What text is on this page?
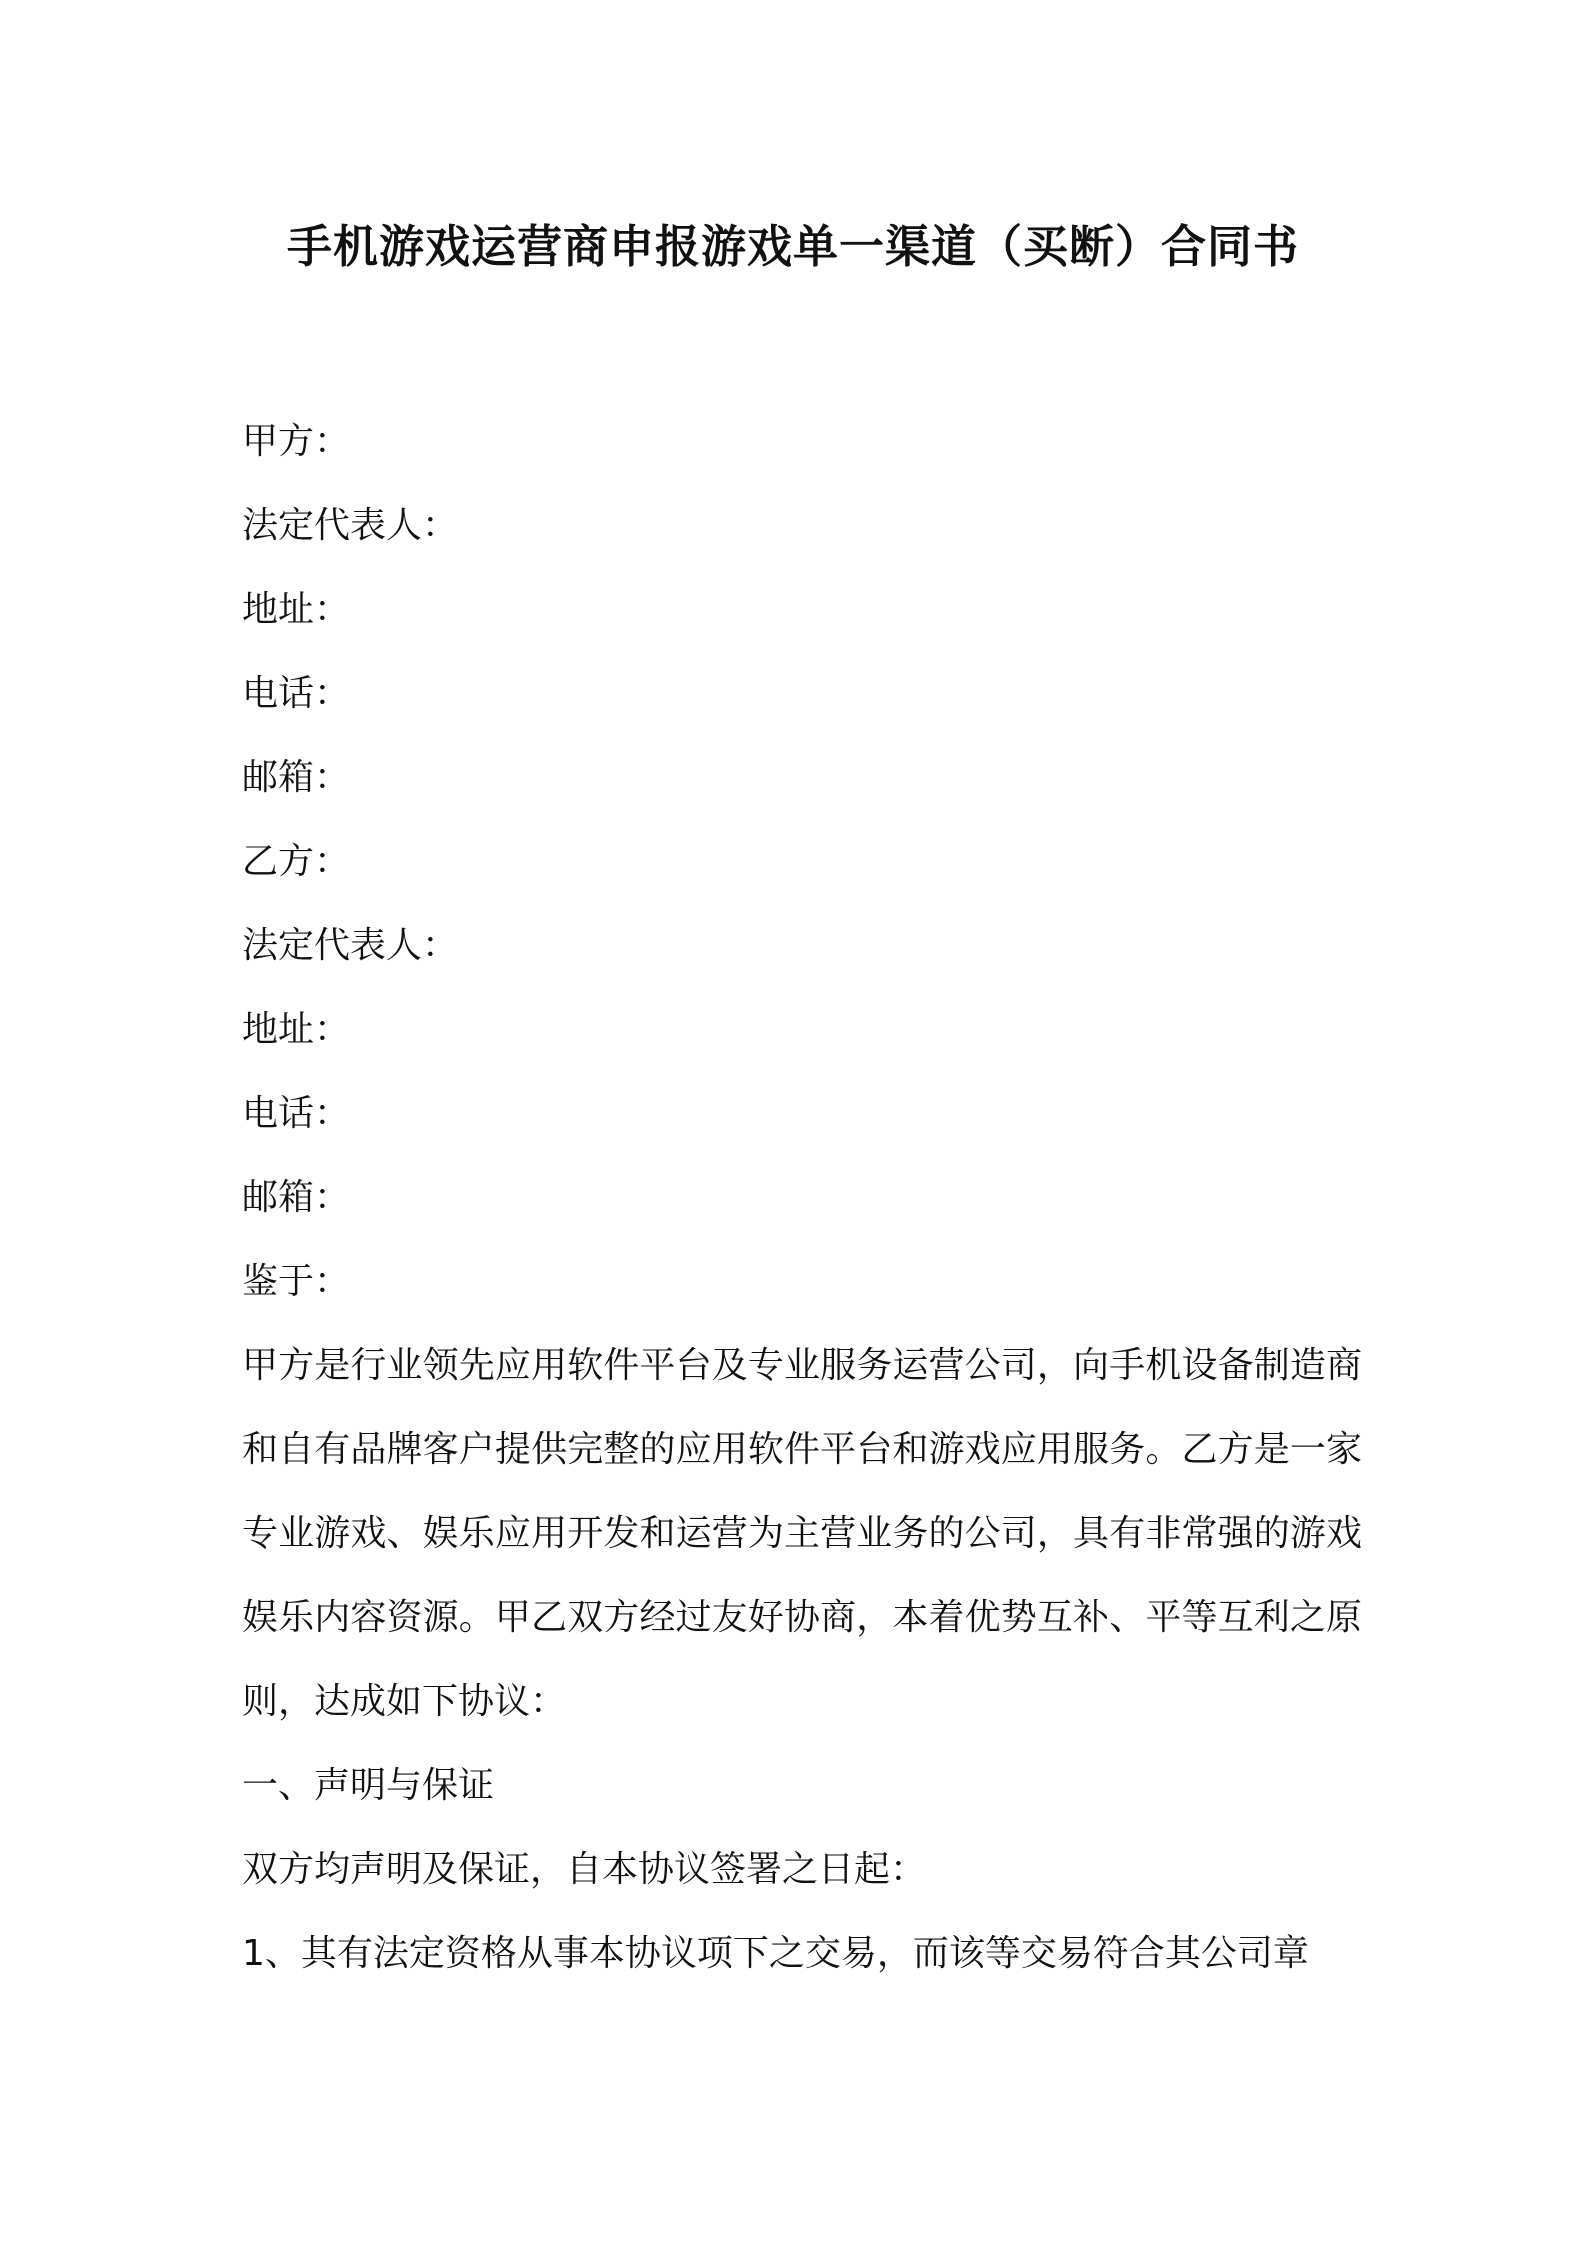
手机游戏运营商申报游戏单一渠道（买断）合同书

甲方：

法定代表人：

地址：

电话：

邮箱：

乙方：

法定代表人：

地址：

电话：

邮箱：

鉴于：

甲方是行业领先应用软件平台及专业服务运营公司，向手机设备制造商和自有品牌客户提供完整的应用软件平台和游戏应用服务。乙方是一家专业游戏、娱乐应用开发和运营为主营业务的公司，具有非常强的游戏娱乐内容资源。甲乙双方经过友好协商，本着优势互补、平等互利之原则，达成如下协议：

一、声明与保证

双方均声明及保证，自本协议签署之日起：

1、其有法定资格从事本协议项下之交易，而该等交易符合其公司章
